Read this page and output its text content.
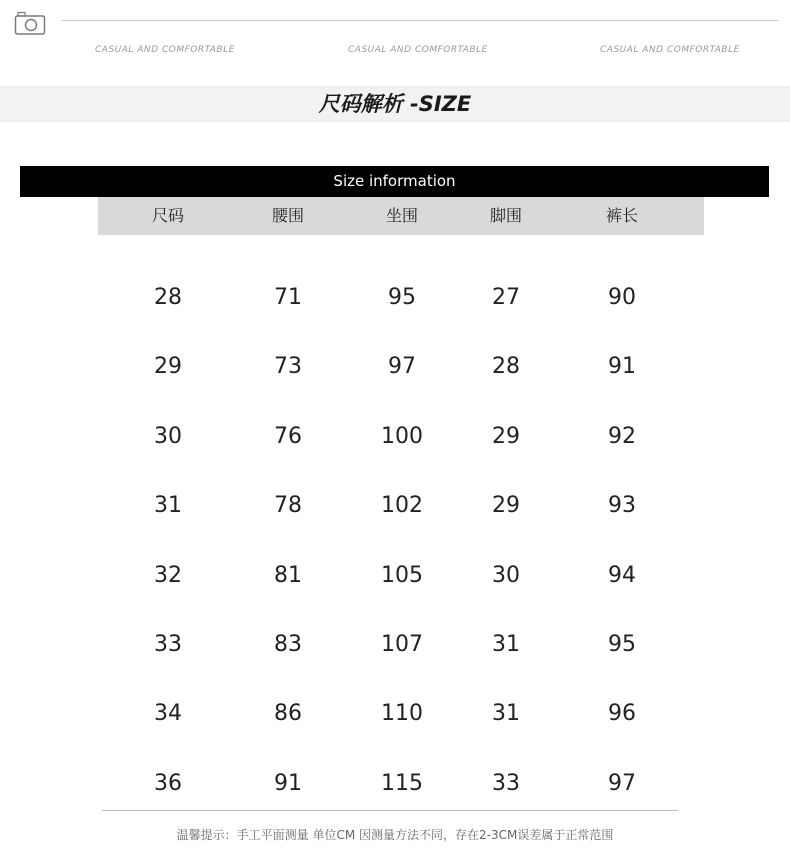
CASUAL AND COMFORTABLE	CASUAL AND COMFORTABLE	CASUAL AND COMFORTABLE
尺码解析 -SIZE
Size information
尺码	腰围	坐围	脚围	裤长
28	71	95	27	90
29	73	97	28	91
30	76	100	29	92
31	78	102	29	93
32	81	105	30	94
33	83	107	31	95
34	86	110	31	96
36	91	115	33	97
温馨提示：手工平面测量 单位CM 因测量方法不同，存在2-3CM误差属于正常范围
